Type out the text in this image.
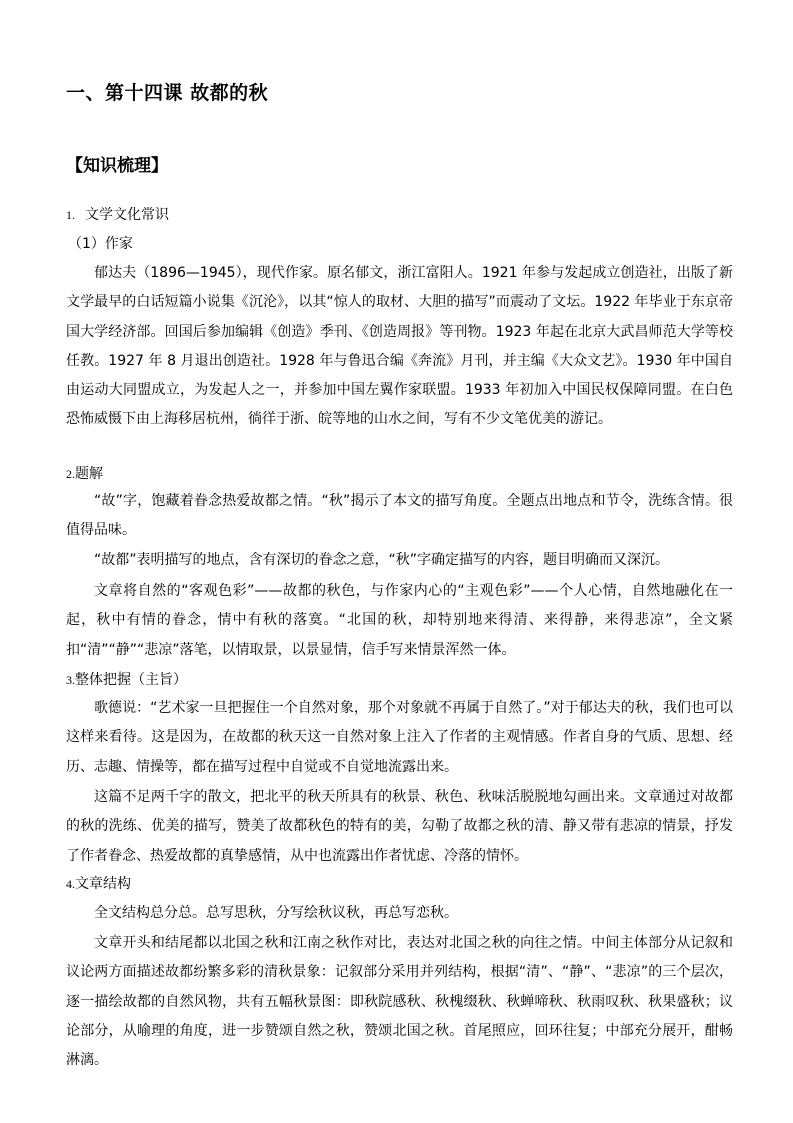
一、第十四课 故都的秋
【知识梳理】
1. 文学文化常识
（1）作家

郁达夫（1896—1945），现代作家。原名郁文，浙江富阳人。1921 年参与发起成立创造社，出版了新文学最早的白话短篇小说集《沉沦》，以其“惊人的取材、大胆的描写”而震动了文坛。1922 年毕业于东京帝国大学经济部。回国后参加编辑《创造》季刊、《创造周报》等刊物。1923 年起在北京大武昌师范大学等校任教。1927 年 8 月退出创造社。1928 年与鲁迅合编《奔流》月刊，并主编《大众文艺》。1930 年中国自由运动大同盟成立，为发起人之一，并参加中国左翼作家联盟。1933 年初加入中国民权保障同盟。在白色恐怖威慑下由上海移居杭州，徜徉于浙、皖等地的山水之间，写有不少文笔优美的游记。

2.题解

“故”字，饱藏着眷念热爱故都之情。“秋”揭示了本文的描写角度。全题点出地点和节令，洗练含情。很值得品味。

“故都”表明描写的地点，含有深切的眷念之意，“秋”字确定描写的内容，题目明确而又深沉。

文章将自然的“客观色彩”——故都的秋色，与作家内心的“主观色彩”——个人心情，自然地融化在一起，秋中有情的眷念，情中有秋的落寞。“北国的秋，却特别地来得清、来得静，来得悲凉”，全文紧扣“清”“静”“悲凉”落笔，以情取景，以景显情，信手写来情景浑然一体。

3.整体把握（主旨）

歌德说：“艺术家一旦把握住一个自然对象，那个对象就不再属于自然了。”对于郁达夫的秋，我们也可以这样来看待。这是因为，在故都的秋天这一自然对象上注入了作者的主观情感。作者自身的气质、思想、经历、志趣、情操等，都在描写过程中自觉或不自觉地流露出来。

这篇不足两千字的散文，把北平的秋天所具有的秋景、秋色、秋味活脱脱地勾画出来。文章通过对故都的秋的洗练、优美的描写，赞美了故都秋色的特有的美，勾勒了故都之秋的清、静又带有悲凉的情景，抒发了作者眷念、热爱故都的真挚感情，从中也流露出作者忧虑、冷落的情怀。

4.文章结构

全文结构总分总。总写思秋，分写绘秋议秋，再总写恋秋。

文章开头和结尾都以北国之秋和江南之秋作对比，表达对北国之秋的向往之情。中间主体部分从记叙和议论两方面描述故都纷繁多彩的清秋景象：记叙部分采用并列结构，根据“清”、“静”、“悲凉”的三个层次，逐一描绘故都的自然风物，共有五幅秋景图：即秋院感秋、秋槐缀秋、秋蝉啼秋、秋雨叹秋、秋果盛秋；议论部分，从喻理的角度，进一步赞颂自然之秋，赞颂北国之秋。首尾照应，回环往复；中部充分展开，酣畅淋漓。
